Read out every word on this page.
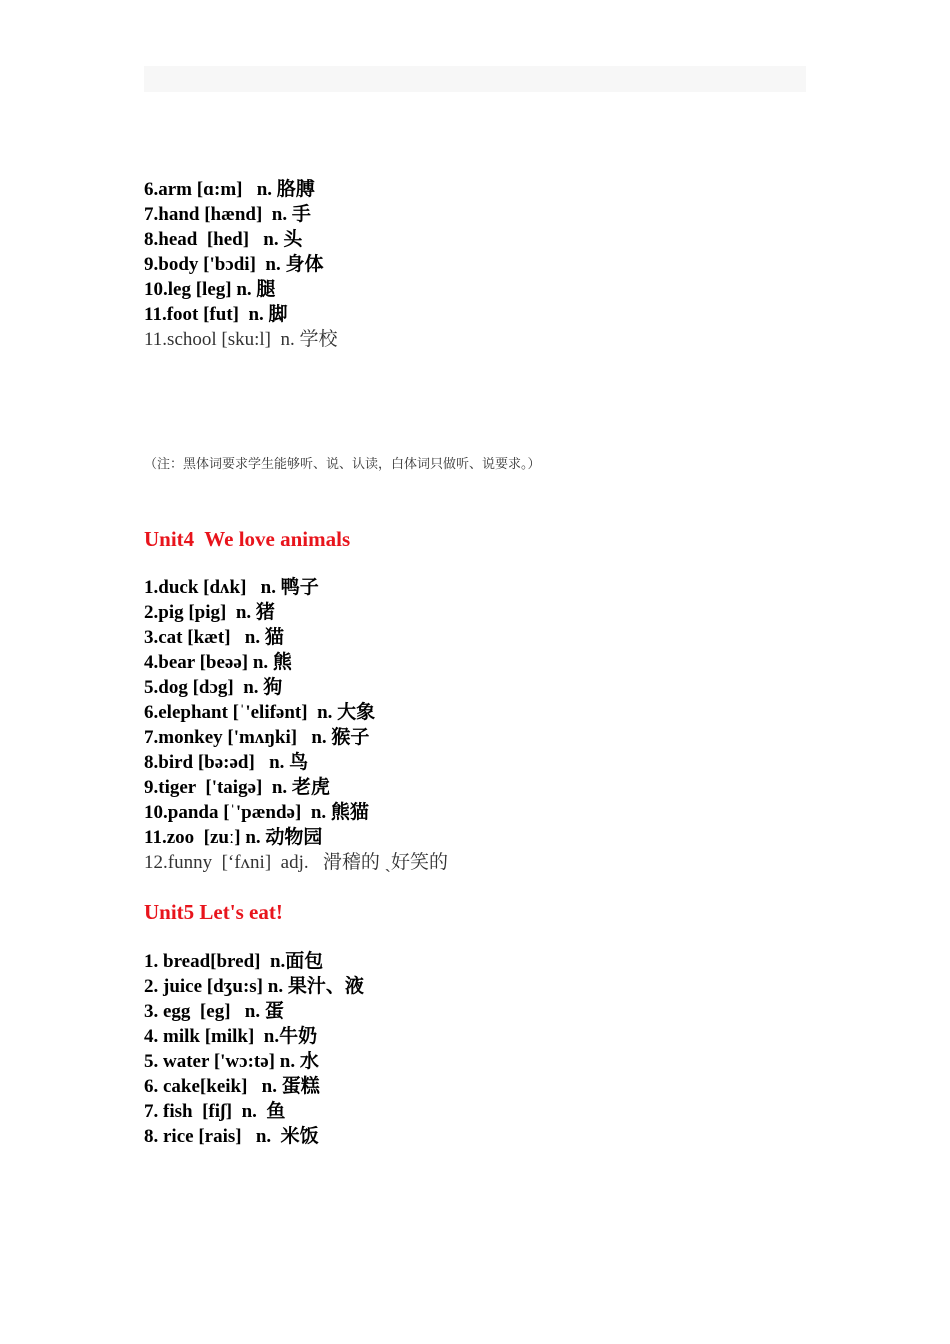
6.arm [ɑ:m]   n. 胳膊
7.hand [hænd]  n. 手
8.head  [hed]   n. 头
9.body ['bɔdi]  n. 身体
10.leg [leg] n. 腿
11.foot [fut]  n. 脚
11.school [sku:l]  n. 学校
（注：黑体词要求学生能够听、说、认读，白体词只做听、说要求。）
Unit4  We love animals
1.duck [dʌk]   n. 鸭子
2.pig [pig]  n. 猪
3.cat [kæt]   n. 猫
4.bear [beəə] n. 熊
5.dog [dɔg]  n. 狗
6.elephant [ˈ'elifənt]  n. 大象
7.monkey ['mʌŋki]   n. 猴子
8.bird [bə:əd]   n. 鸟
9.tiger  ['taigə]  n. 老虎
10.panda [ˈ'pændə]  n. 熊猫
11.zoo  [zuː] n. 动物园
12.funny  [‘fʌni]  adj.   滑稽的 ˎ好笑的
Unit5 Let's eat!
1. bread[bred]  n.面包
2. juice [dʒu:s] n. 果汁、液
3. egg  [eg]   n. 蛋
4. milk [milk]  n.牛奶
5. water ['wɔ:tə] n. 水
6. cake[keik]   n. 蛋糕
7. fish  [fiʃ]  n.  鱼
8. rice [rais]   n.  米饭
